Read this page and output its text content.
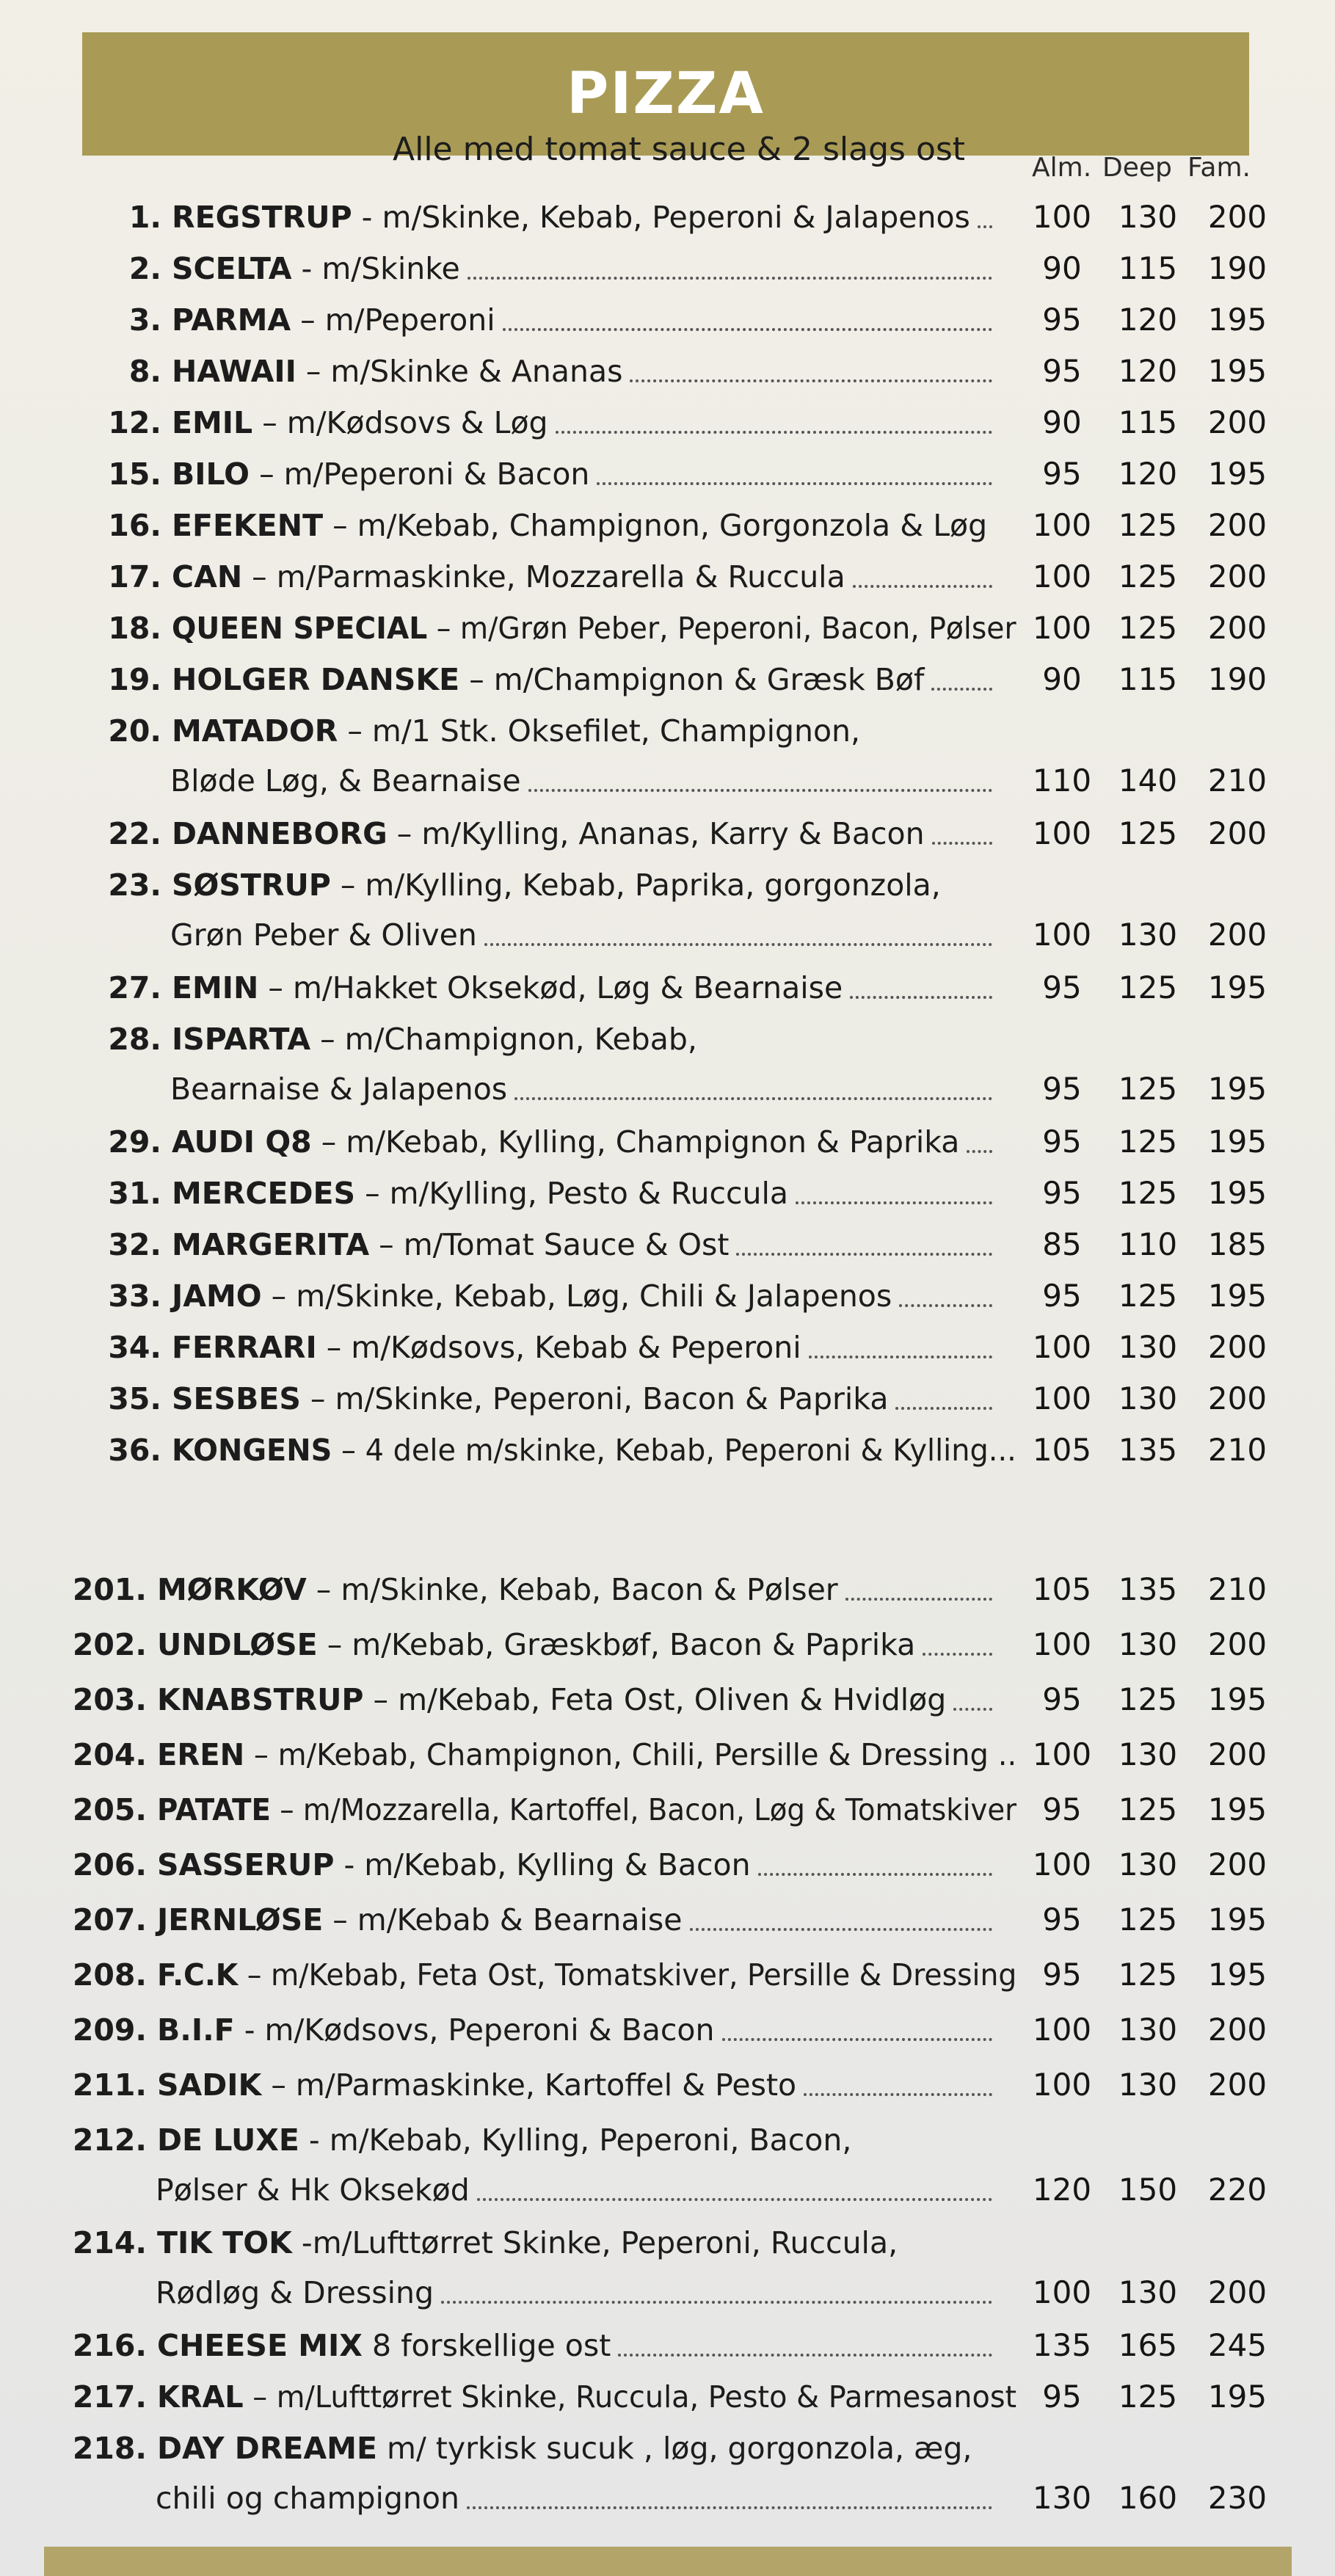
PIZZA
Alle med tomat sauce & 2 slags ost	Alm. Deep Fam.
1. REGSTRUP - m/Skinke, Kebab, Peperoni & Jalapenos	100 130 200
2. SCELTA - m/Skinke	90	115 190
3. PARMA – m/Peperoni	95	120 195
8. HAWAII – m/Skinke & Ananas	95	120 195
12. EMIL – m/Kødsovs & Løg	90	115 200
15. BILO – m/Peperoni & Bacon	95	120 195
16. EFEKENT – m/Kebab, Champignon, Gorgonzola & Løg	100 125 200
17. CAN – m/Parmaskinke, Mozzarella & Ruccula	100 125 200
18. QUEEN SPECIAL – m/Grøn Peber, Peperoni, Bacon, Pølser 100 125 200
19. HOLGER DANSKE – m/Champignon & Græsk Bøf	90	115 190
20. MATADOR – m/1 Stk. Oksefilet, Champignon,
Bløde Løg, & Bearnaise	110 140 210
22. DANNEBORG – m/Kylling, Ananas, Karry & Bacon	100 125 200
23. SØSTRUP – m/Kylling, Kebab, Paprika, gorgonzola,
Grøn Peber & Oliven	100 130 200
27. EMIN – m/Hakket Oksekød, Løg & Bearnaise	95	125 195
28. ISPARTA – m/Champignon, Kebab,
Bearnaise & Jalapenos	95	125 195
29. AUDI Q8 – m/Kebab, Kylling, Champignon & Paprika	95	125 195
31. MERCEDES – m/Kylling, Pesto & Ruccula	95	125 195
32. MARGERITA – m/Tomat Sauce & Ost	85	110 185
33. JAMO – m/Skinke, Kebab, Løg, Chili & Jalapenos	95	125 195
34. FERRARI – m/Kødsovs, Kebab & Peperoni	100 130 200
35. SESBES – m/Skinke, Peperoni, Bacon & Paprika	100 130 200
36. KONGENS – 4 dele m/skinke, Kebab, Peperoni & Kylling... 105 135 210
201. MØRKØV – m/Skinke, Kebab, Bacon & Pølser	105 135 210
202. UNDLØSE – m/Kebab, Græskbøf, Bacon & Paprika	100 130 200
203. KNABSTRUP – m/Kebab, Feta Ost, Oliven & Hvidløg	95	125 195
204. EREN – m/Kebab, Champignon, Chili, Persille & Dressing .. 100 130 200
205. PATATE – m/Mozzarella, Kartoffel, Bacon, Løg & Tomatskiver 95	125 195
206. SASSERUP - m/Kebab, Kylling & Bacon	100 130 200
207. JERNLØSE – m/Kebab & Bearnaise	95	125 195
208. F.C.K – m/Kebab, Feta Ost, Tomatskiver, Persille & Dressing 95	125 195
209. B.I.F - m/Kødsovs, Peperoni & Bacon	100 130 200
211. SADIK – m/Parmaskinke, Kartoffel & Pesto	100 130 200
212. DE LUXE - m/Kebab, Kylling, Peperoni, Bacon,
Pølser & Hk Oksekød	120 150 220
214. TIK TOK - m/Lufttørret Skinke, Peperoni, Ruccula,
Rødløg & Dressing	100 130 200
216. CHEESE MIX
8 forskellige ost	135 165 245
217. KRAL – m/Lufttørret Skinke, Ruccula, Pesto & Parmesanost 95	125 195
218. DAY DREAME
m/ tyrkisk sucuk , løg, gorgonzola, æg,
chili og champignon	130 160 230
